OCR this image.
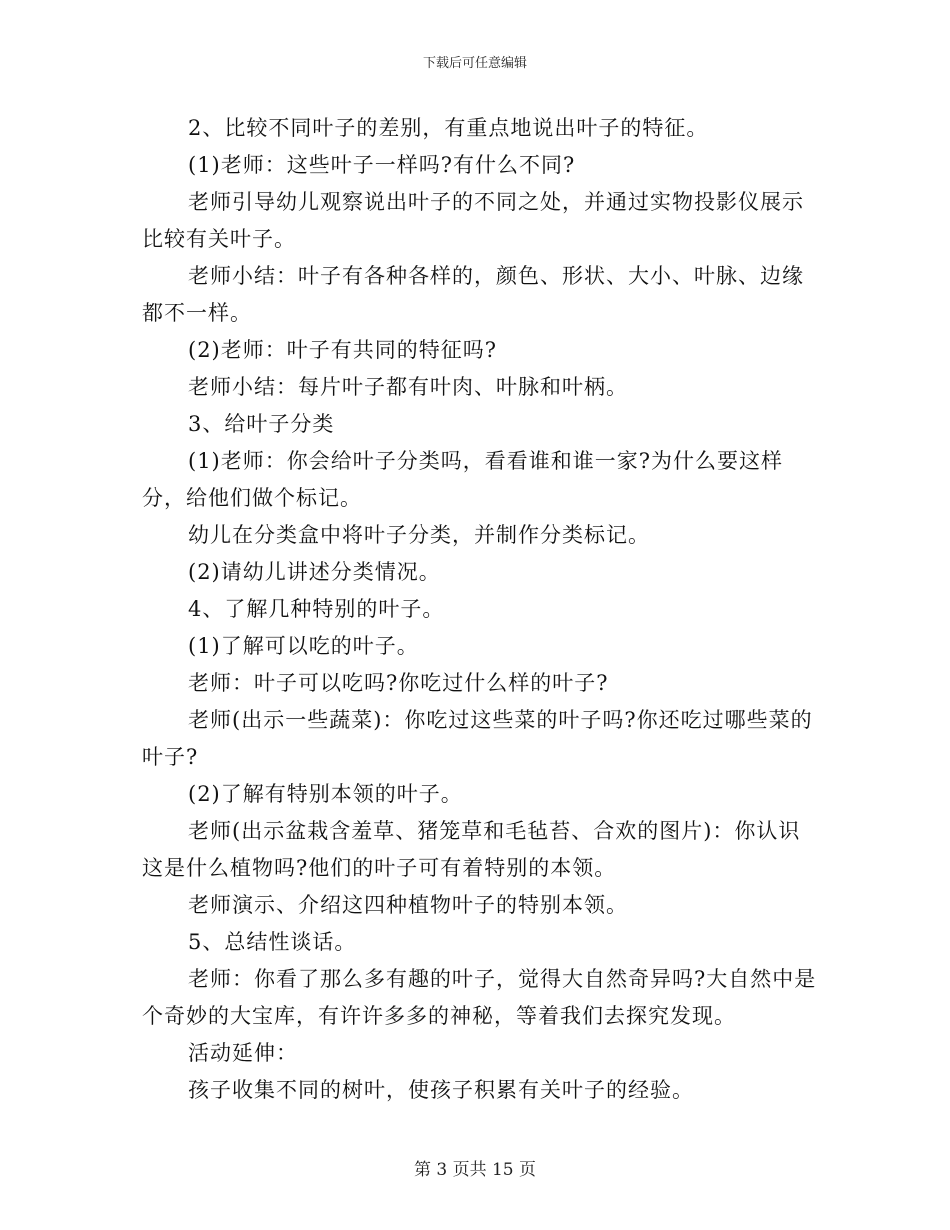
下载后可任意编辑

2、比较不同叶子的差别，有重点地说出叶子的特征。

(1)老师：这些叶子一样吗?有什么不同?

老师引导幼儿观察说出叶子的不同之处，并通过实物投影仪展示比较有关叶子。

老师小结：叶子有各种各样的，颜色、形状、大小、叶脉、边缘都不一样。

(2)老师：叶子有共同的特征吗?

老师小结：每片叶子都有叶肉、叶脉和叶柄。

3、给叶子分类

(1)老师：你会给叶子分类吗，看看谁和谁一家?为什么要这样分，给他们做个标记。

幼儿在分类盒中将叶子分类，并制作分类标记。

(2)请幼儿讲述分类情况。

4、了解几种特别的叶子。

(1)了解可以吃的叶子。

老师：叶子可以吃吗?你吃过什么样的叶子?

老师(出示一些蔬菜)：你吃过这些菜的叶子吗?你还吃过哪些菜的叶子?

(2)了解有特别本领的叶子。

老师(出示盆栽含羞草、猪笼草和毛毡苔、合欢的图片)：你认识这是什么植物吗?他们的叶子可有着特别的本领。

老师演示、介绍这四种植物叶子的特别本领。

5、总结性谈话。

老师：你看了那么多有趣的叶子，觉得大自然奇异吗?大自然中是个奇妙的大宝库，有许许多多的神秘，等着我们去探究发现。

活动延伸：

孩子收集不同的树叶，使孩子积累有关叶子的经验。

第 3 页共 15 页
